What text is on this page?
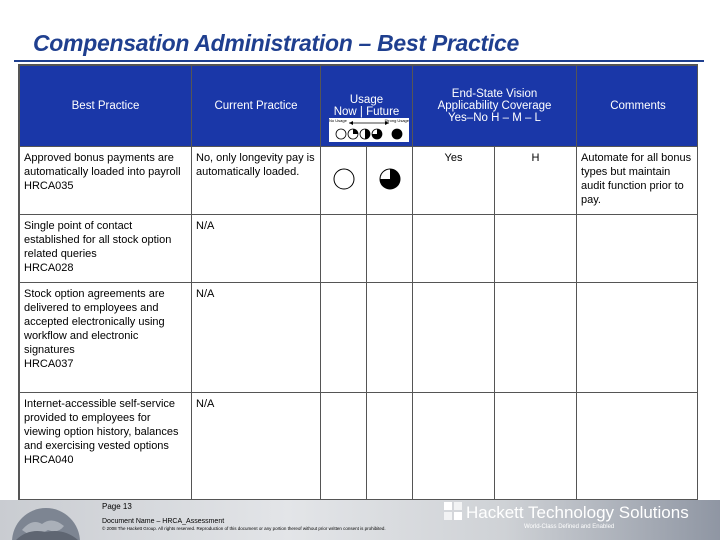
Compensation Administration – Best Practice
Best Practice	Current Practice	Usage
Now | Future
No Usage Strong Usage		End-State Vision
Applicability Coverage
Yes–No H – M – L		Comments

Approved bonus payments are automatically loaded into payroll
HRCA035	No, only longevity pay is automatically loaded.			Yes	H	Automate for all bonus types but maintain audit function prior to pay.

Single point of contact established for all stock option related queries
HRCA028	N/A					

Stock option agreements are delivered to employees and accepted electronically using workflow and electronic signatures
HRCA037	N/A					

Internet-accessible self-service provided to employees for viewing option history, balances and exercising vested options
HRCA040	N/A					
Page 13
Document Name – HRCA_Assessment
© 2008 The Hackett Group. All rights reserved. Reproduction of this document or any portion thereof without prior written consent is prohibited.
Hackett Technology Solutions
World-Class Defined and Enabled
